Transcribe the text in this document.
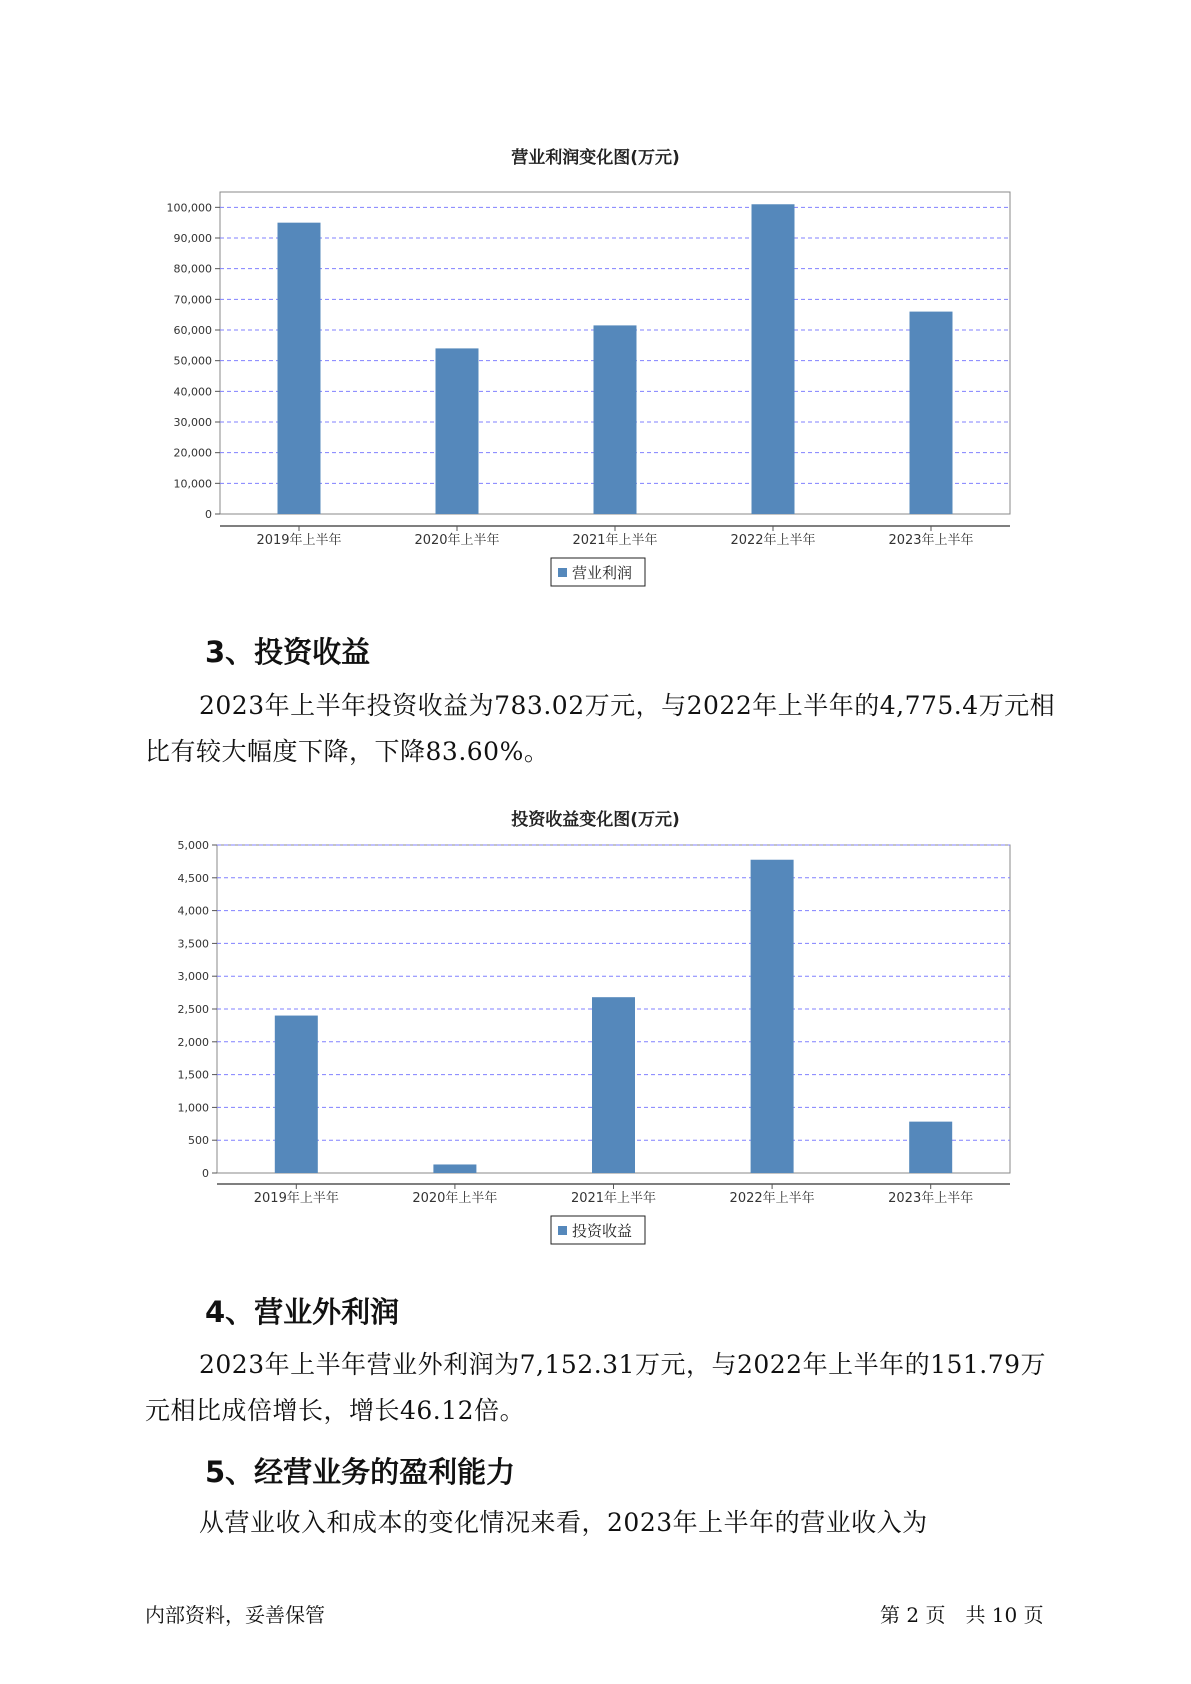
营业利润变化图(万元)
0
10,000
20,000
30,000
40,000
50,000
60,000
70,000
80,000
90,000
100,000
2019年上半年	2020年上半年	2021年上半年	2022年上半年	2023年上半年
营业利润
3、投资收益
2023年上半年投资收益为783.02万元，与2022年上半年的4,775.4万元相比有较大幅度下降，下降83.60%。
投资收益变化图(万元)
0
500
1,000
1,500
2,000
2,500
3,000
3,500
4,000
4,500
5,000
2019年上半年	2020年上半年	2021年上半年	2022年上半年	2023年上半年
投资收益
4、营业外利润
2023年上半年营业外利润为7,152.31万元，与2022年上半年的151.79万元相比成倍增长，增长46.12倍。
5、经营业务的盈利能力
从营业收入和成本的变化情况来看，2023年上半年的营业收入为
内部资料，妥善保管	第 2 页　共 10 页
